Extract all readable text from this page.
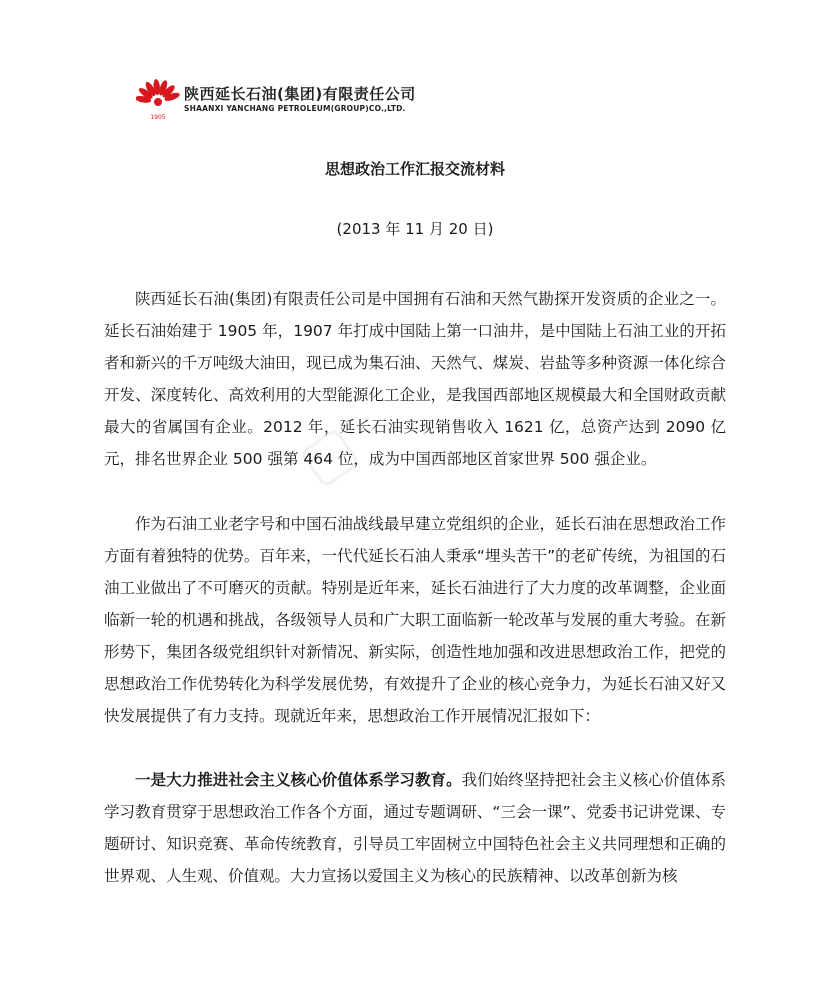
1905
陕西延长石油(集团)有限责任公司
SHAANXI YANCHANG PETROLEUM(GROUP)CO.,LTD.
思想政治工作汇报交流材料
(2013 年 11 月 20 日)

陕西延长石油(集团)有限责任公司是中国拥有石油和天然气勘探开发资质的企业之一。延长石油始建于 1905 年，1907 年打成中国陆上第一口油井，是中国陆上石油工业的开拓者和新兴的千万吨级大油田，现已成为集石油、天然气、煤炭、岩盐等多种资源一体化综合开发、深度转化、高效利用的大型能源化工企业，是我国西部地区规模最大和全国财政贡献最大的省属国有企业。2012 年，延长石油实现销售收入 1621 亿，总资产达到 2090 亿元，排名世界企业 500 强第 464 位，成为中国西部地区首家世界 500 强企业。

作为石油工业老字号和中国石油战线最早建立党组织的企业，延长石油在思想政治工作方面有着独特的优势。百年来，一代代延长石油人秉承“埋头苦干”的老矿传统，为祖国的石油工业做出了不可磨灭的贡献。特别是近年来，延长石油进行了大力度的改革调整，企业面临新一轮的机遇和挑战，各级领导人员和广大职工面临新一轮改革与发展的重大考验。在新形势下，集团各级党组织针对新情况、新实际，创造性地加强和改进思想政治工作，把党的思想政治工作优势转化为科学发展优势，有效提升了企业的核心竞争力，为延长石油又好又快发展提供了有力支持。现就近年来，思想政治工作开展情况汇报如下：

一是大力推进社会主义核心价值体系学习教育。我们始终坚持把社会主义核心价值体系学习教育贯穿于思想政治工作各个方面，通过专题调研、“三会一课”、党委书记讲党课、专题研讨、知识竞赛、革命传统教育，引导员工牢固树立中国特色社会主义共同理想和正确的世界观、人生观、价值观。大力宣扬以爱国主义为核心的民族精神、以改革创新为核

▢
